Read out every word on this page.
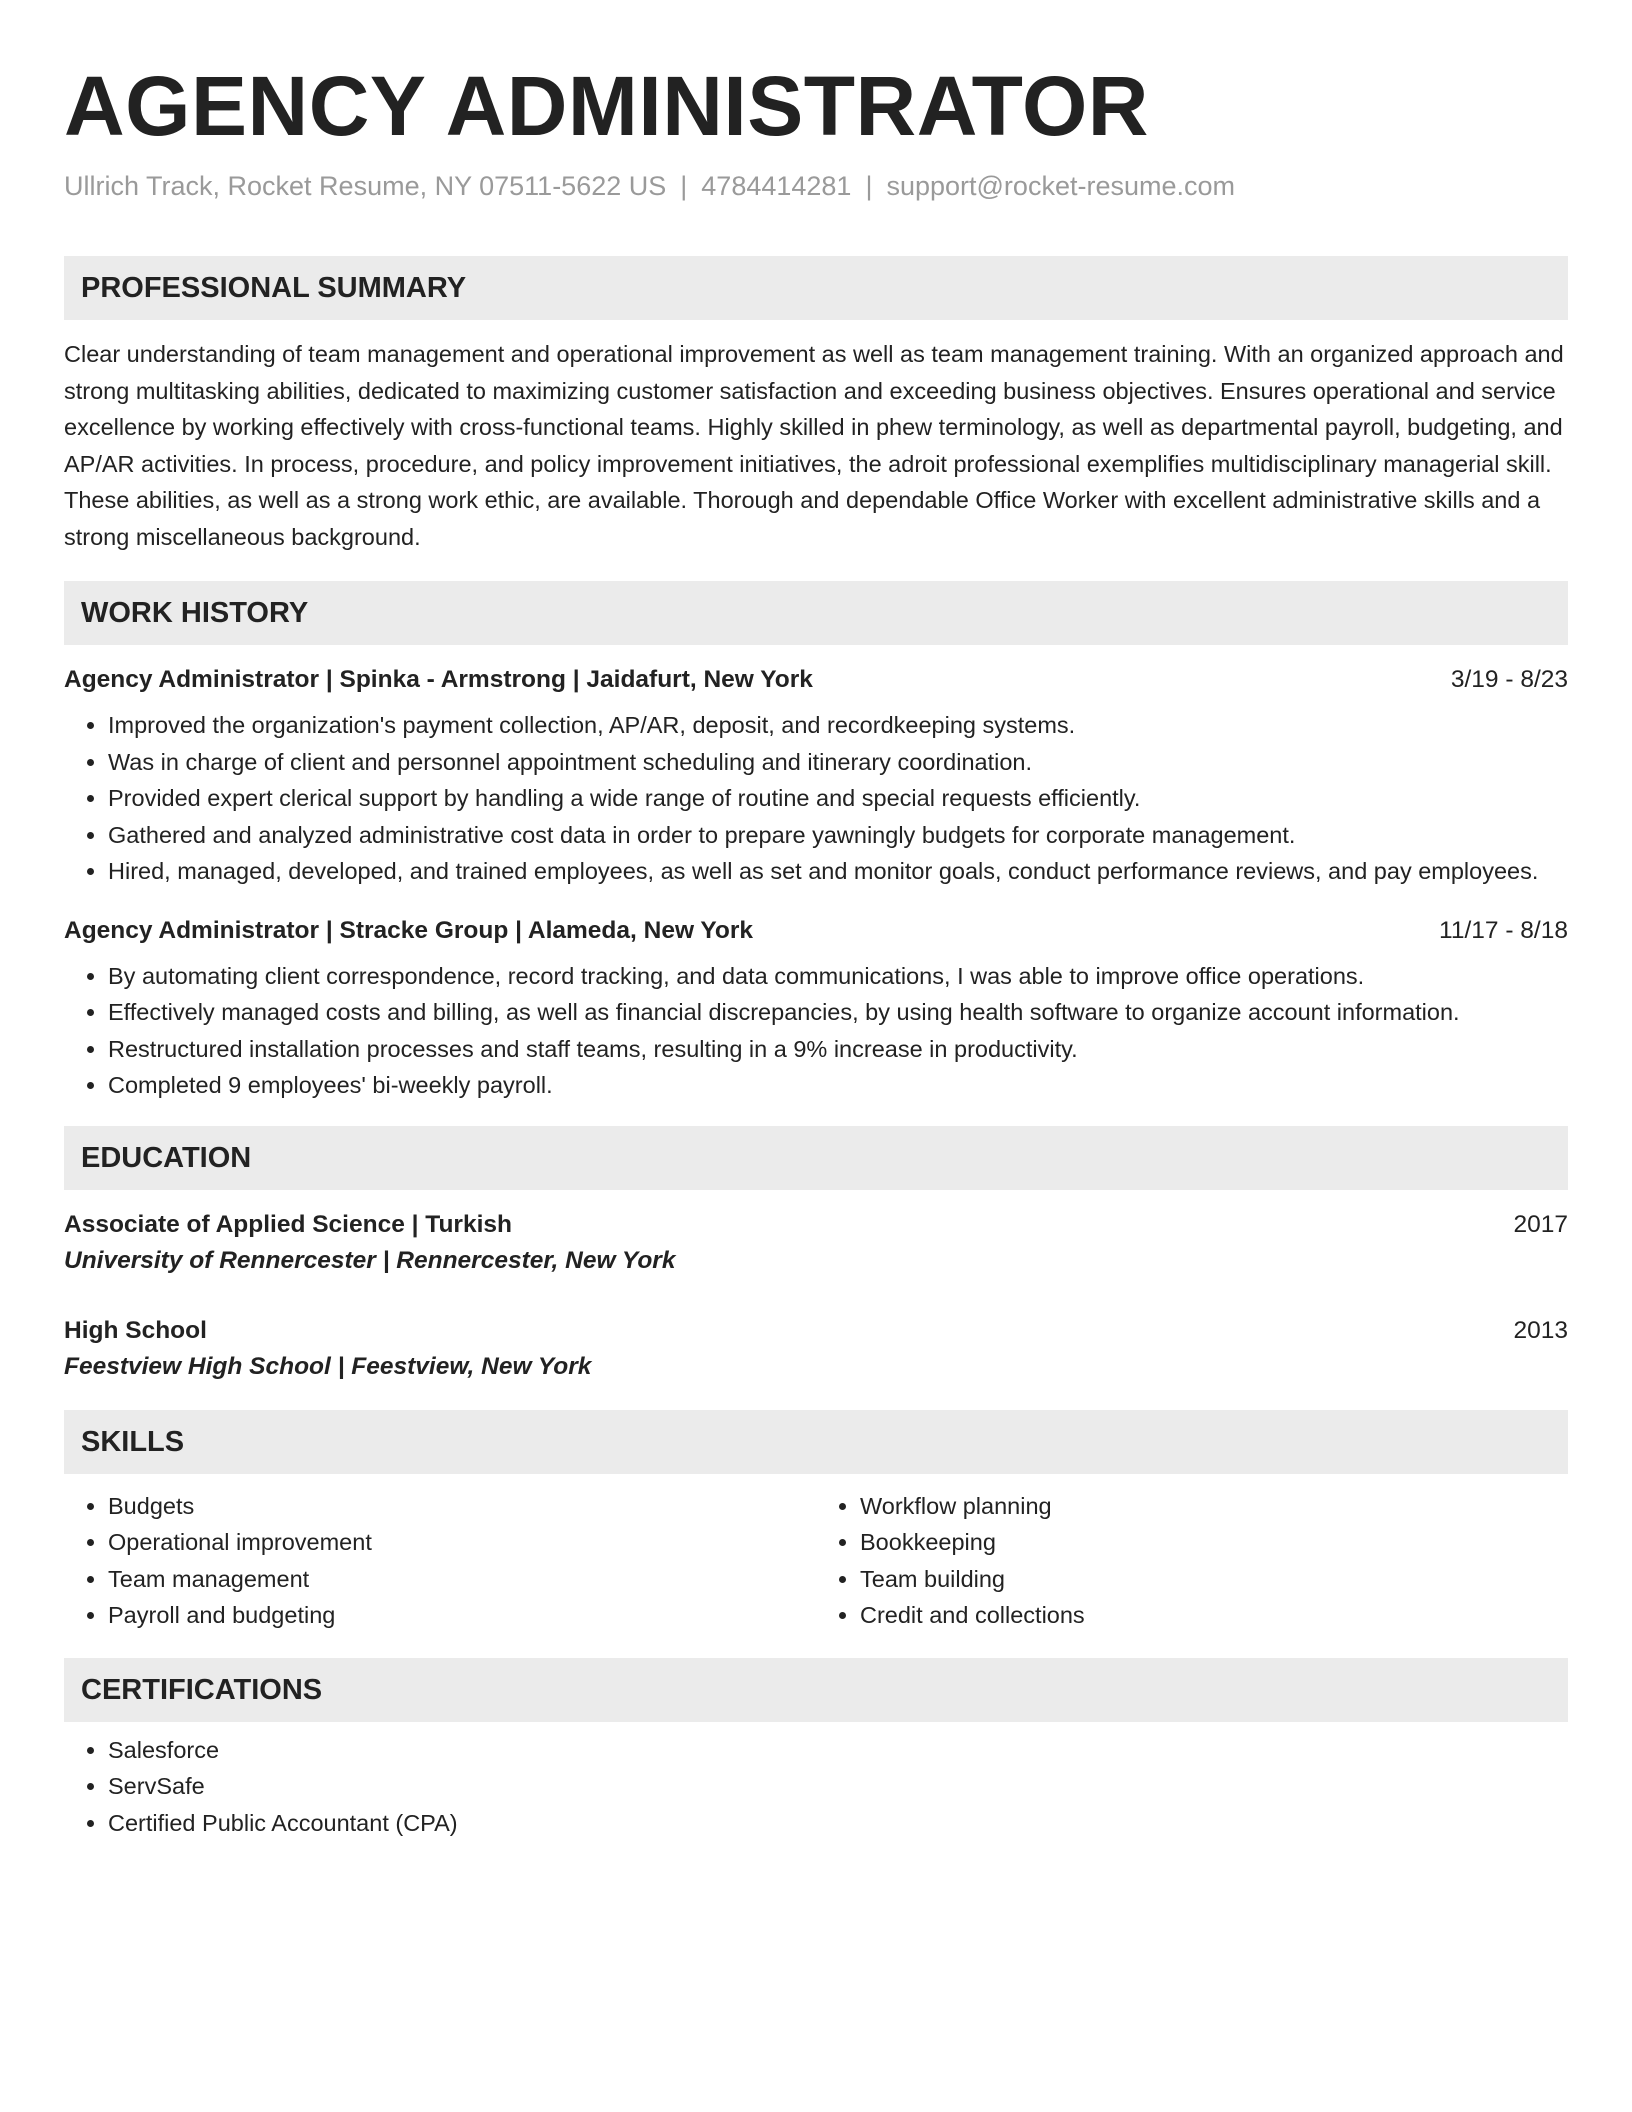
AGENCY ADMINISTRATOR
Ullrich Track, Rocket Resume, NY 07511-5622 US | 4784414281 | support@rocket-resume.com
PROFESSIONAL SUMMARY
Clear understanding of team management and operational improvement as well as team management training. With an organized approach and strong multitasking abilities, dedicated to maximizing customer satisfaction and exceeding business objectives. Ensures operational and service excellence by working effectively with cross-functional teams. Highly skilled in phew terminology, as well as departmental payroll, budgeting, and AP/AR activities. In process, procedure, and policy improvement initiatives, the adroit professional exemplifies multidisciplinary managerial skill. These abilities, as well as a strong work ethic, are available. Thorough and dependable Office Worker with excellent administrative skills and a strong miscellaneous background.
WORK HISTORY
Agency Administrator | Spinka - Armstrong | Jaidafurt, New York	3/19 - 8/23
• Improved the organization's payment collection, AP/AR, deposit, and recordkeeping systems.
• Was in charge of client and personnel appointment scheduling and itinerary coordination.
• Provided expert clerical support by handling a wide range of routine and special requests efficiently.
• Gathered and analyzed administrative cost data in order to prepare yawningly budgets for corporate management.
• Hired, managed, developed, and trained employees, as well as set and monitor goals, conduct performance reviews, and pay employees.
Agency Administrator | Stracke Group | Alameda, New York	11/17 - 8/18
• By automating client correspondence, record tracking, and data communications, I was able to improve office operations.
• Effectively managed costs and billing, as well as financial discrepancies, by using health software to organize account information.
• Restructured installation processes and staff teams, resulting in a 9% increase in productivity.
• Completed 9 employees' bi-weekly payroll.
EDUCATION
Associate of Applied Science | Turkish	2017
University of Rennercester | Rennercester, New York
High School	2013
Feestview High School | Feestview, New York
SKILLS
• Budgets
• Operational improvement
• Team management
• Payroll and budgeting
• Workflow planning
• Bookkeeping
• Team building
• Credit and collections
CERTIFICATIONS
• Salesforce
• ServSafe
• Certified Public Accountant (CPA)
